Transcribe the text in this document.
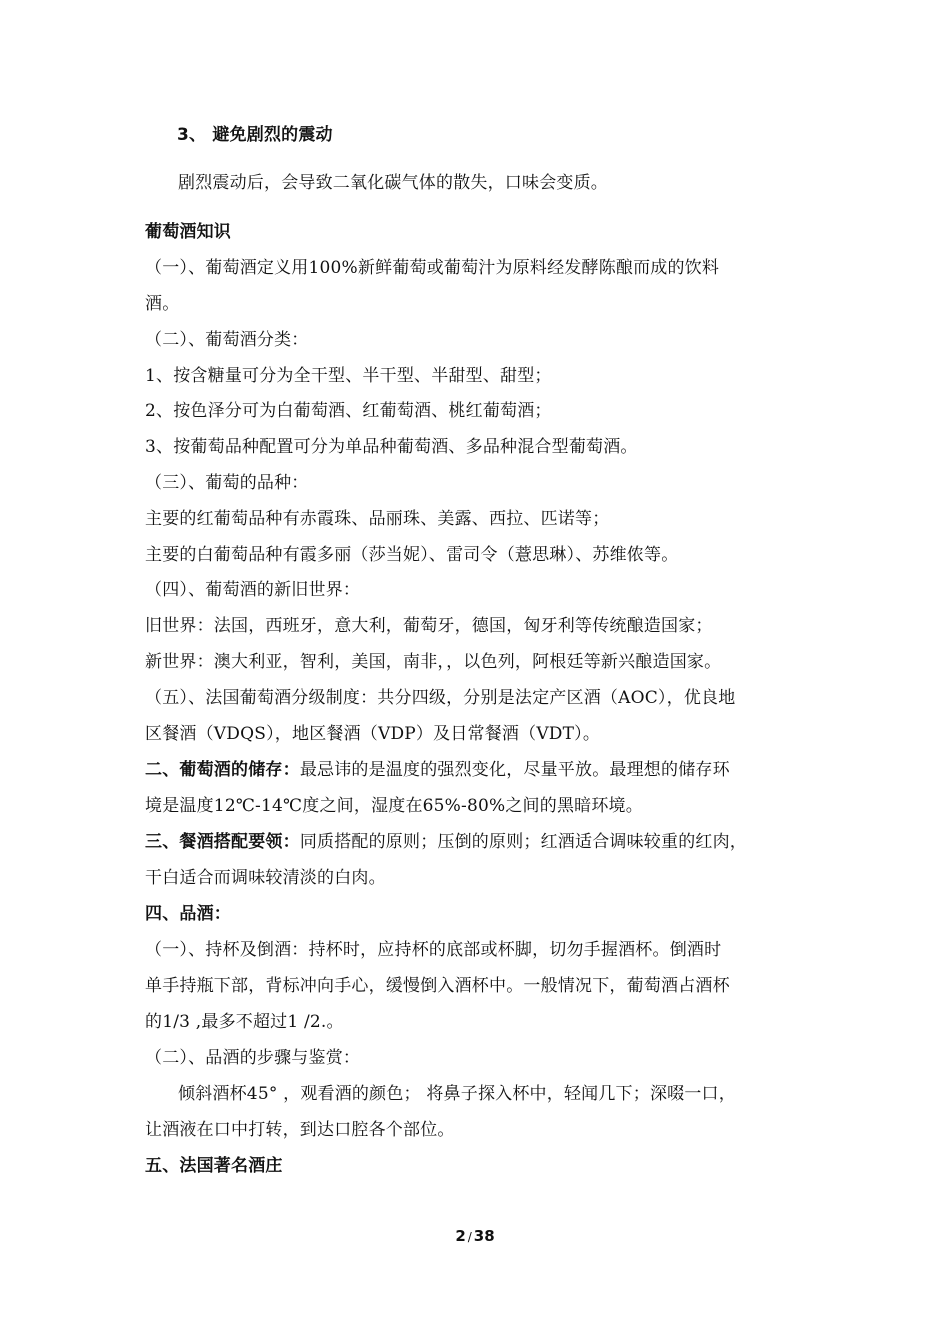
3、 避免剧烈的震动
剧烈震动后，会导致二氧化碳气体的散失，口味会变质。
葡萄酒知识
（一）、葡萄酒定义用100%新鲜葡萄或葡萄汁为原料经发酵陈酿而成的饮料
酒。
（二）、葡萄酒分类：
1、按含糖量可分为全干型、半干型、半甜型、甜型；
2、按色泽分可为白葡萄酒、红葡萄酒、桃红葡萄酒；
3、按葡萄品种配置可分为单品种葡萄酒、多品种混合型葡萄酒。
（三）、葡萄的品种：
主要的红葡萄品种有赤霞珠、品丽珠、美露、西拉、匹诺等；
主要的白葡萄品种有霞多丽（莎当妮）、雷司令（薏思琳）、苏维侬等。
（四）、葡萄酒的新旧世界：
旧世界：法国，西班牙，意大利，葡萄牙，德国，匈牙利等传统酿造国家；
新世界：澳大利亚，智利，美国，南非，，以色列，阿根廷等新兴酿造国家。
（五）、法国葡萄酒分级制度：共分四级，分别是法定产区酒（AOC），优良地
区餐酒（VDQS），地区餐酒（VDP）及日常餐酒（VDT）。
二、葡萄酒的储存：最忌讳的是温度的强烈变化，尽量平放。最理想的储存环
境是温度12℃-14℃度之间，湿度在65%-80%之间的黑暗环境。
三、餐酒搭配要领：同质搭配的原则；压倒的原则；红酒适合调味较重的红肉，
干白适合而调味较清淡的白肉。
四、品酒：
（一）、持杯及倒酒：持杯时，应持杯的底部或杯脚，切勿手握酒杯。倒酒时
单手持瓶下部，背标冲向手心，缓慢倒入酒杯中。一般情况下，葡萄酒占酒杯
的1/3 ,最多不超过1 /2.。
（二）、品酒的步骤与鉴赏：
倾斜酒杯45° ，观看酒的颜色； 将鼻子探入杯中，轻闻几下；深啜一口，
让酒液在口中打转，到达口腔各个部位。
五、法国著名酒庄
2 / 38
